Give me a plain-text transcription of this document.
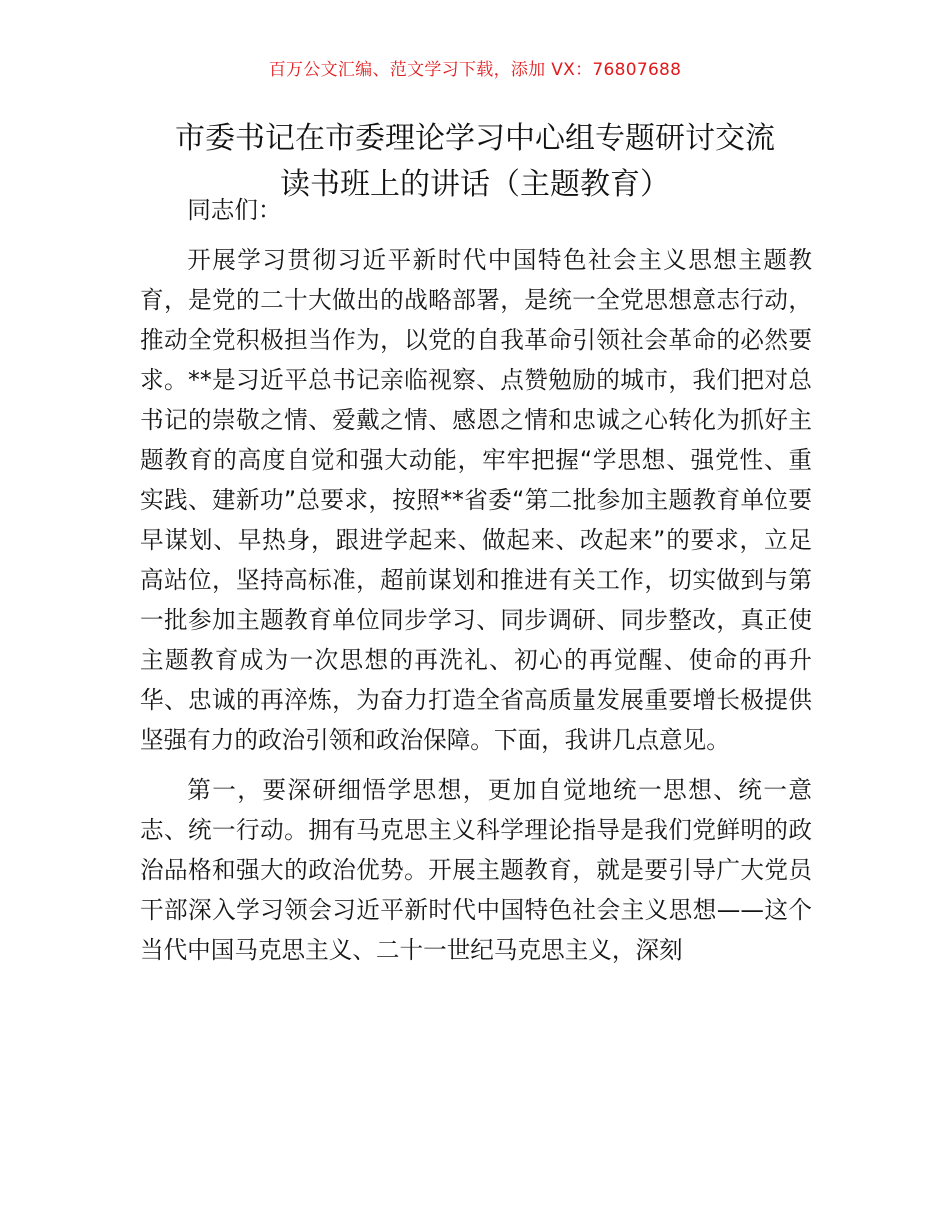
百万公文汇编、范文学习下载，添加 VX：76807688
市委书记在市委理论学习中心组专题研讨交流
读书班上的讲话（主题教育）

同志们：

开展学习贯彻习近平新时代中国特色社会主义思想主题教育，是党的二十大做出的战略部署，是统一全党思想意志行动，推动全党积极担当作为，以党的自我革命引领社会革命的必然要求。**是习近平总书记亲临视察、点赞勉励的城市，我们把对总书记的崇敬之情、爱戴之情、感恩之情和忠诚之心转化为抓好主题教育的高度自觉和强大动能，牢牢把握“学思想、强党性、重实践、建新功”总要求，按照**省委“第二批参加主题教育单位要早谋划、早热身，跟进学起来、做起来、改起来”的要求，立足高站位，坚持高标准，超前谋划和推进有关工作，切实做到与第一批参加主题教育单位同步学习、同步调研、同步整改，真正使主题教育成为一次思想的再洗礼、初心的再觉醒、使命的再升华、忠诚的再淬炼，为奋力打造全省高质量发展重要增长极提供坚强有力的政治引领和政治保障。下面，我讲几点意见。

第一，要深研细悟学思想，更加自觉地统一思想、统一意志、统一行动。拥有马克思主义科学理论指导是我们党鲜明的政治品格和强大的政治优势。开展主题教育，就是要引导广大党员干部深入学习领会习近平新时代中国特色社会主义思想——这个当代中国马克思主义、二十一世纪马克思主义，深刻
